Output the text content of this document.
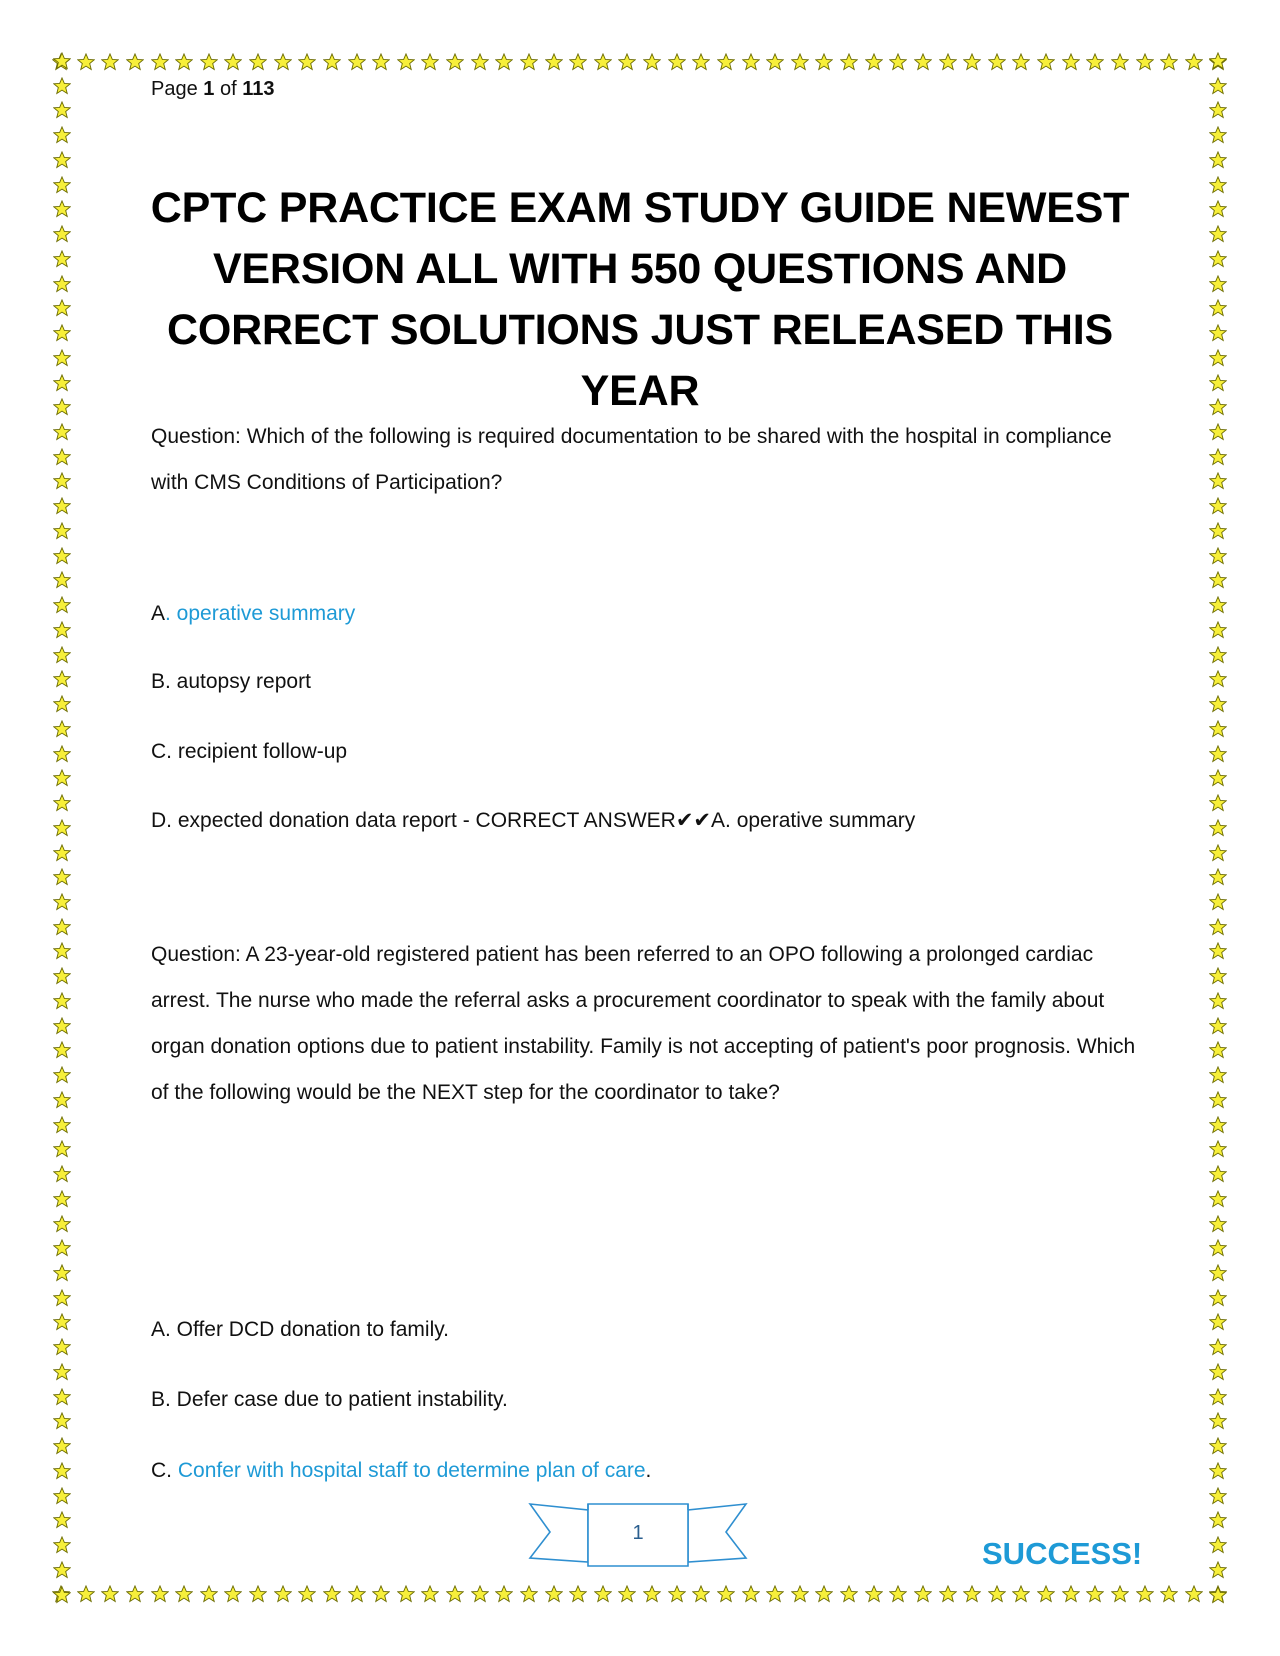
Page 1 of 113
CPTC PRACTICE EXAM STUDY GUIDE NEWEST VERSION ALL WITH 550 QUESTIONS AND CORRECT SOLUTIONS JUST RELEASED THIS YEAR
Question: Which of the following is required documentation to be shared with the hospital in compliance with CMS Conditions of Participation?
A. operative summary
B. autopsy report
C. recipient follow-up
D. expected donation data report - CORRECT ANSWER✔✔A. operative summary
Question: A 23-year-old registered patient has been referred to an OPO following a prolonged cardiac arrest. The nurse who made the referral asks a procurement coordinator to speak with the family about organ donation options due to patient instability. Family is not accepting of patient's poor prognosis. Which of the following would be the NEXT step for the coordinator to take?
A. Offer DCD donation to family.
B. Defer case due to patient instability.
C. Confer with hospital staff to determine plan of care.
1
SUCCESS!
